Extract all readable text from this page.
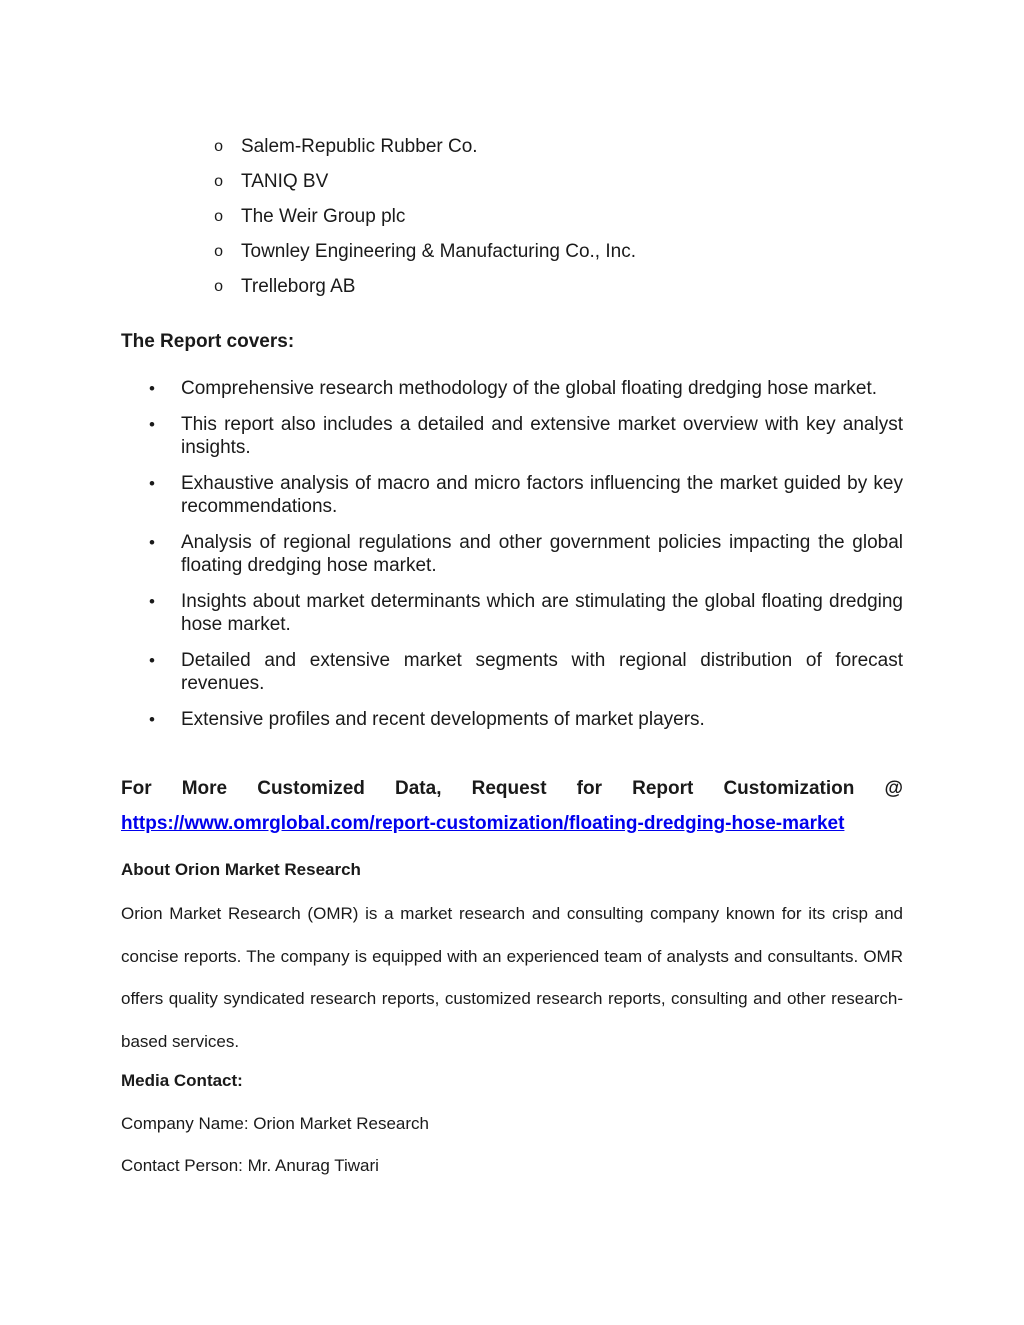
o Salem-Republic Rubber Co.
o TANIQ BV
o The Weir Group plc
o Townley Engineering & Manufacturing Co., Inc.
o Trelleborg AB
The Report covers:
•	Comprehensive research methodology of the global floating dredging hose market.
•	This report also includes a detailed and extensive market overview with key analyst insights.
•	Exhaustive analysis of macro and micro factors influencing the market guided by key recommendations.
•	Analysis of regional regulations and other government policies impacting the global floating dredging hose market.
•	Insights about market determinants which are stimulating the global floating dredging hose market.
•	Detailed and extensive market segments with regional distribution of forecast revenues.
•	Extensive profiles and recent developments of market players.

For More Customized Data, Request for Report Customization @

https://www.omrglobal.com/report-customization/floating-dredging-hose-market
About Orion Market Research

Orion Market Research (OMR) is a market research and consulting company known for its crisp and concise reports. The company is equipped with an experienced team of analysts and consultants. OMR offers quality syndicated research reports, customized research reports, consulting and other research-based services.

Media Contact:

Company Name: Orion Market Research

Contact Person: Mr. Anurag Tiwari
